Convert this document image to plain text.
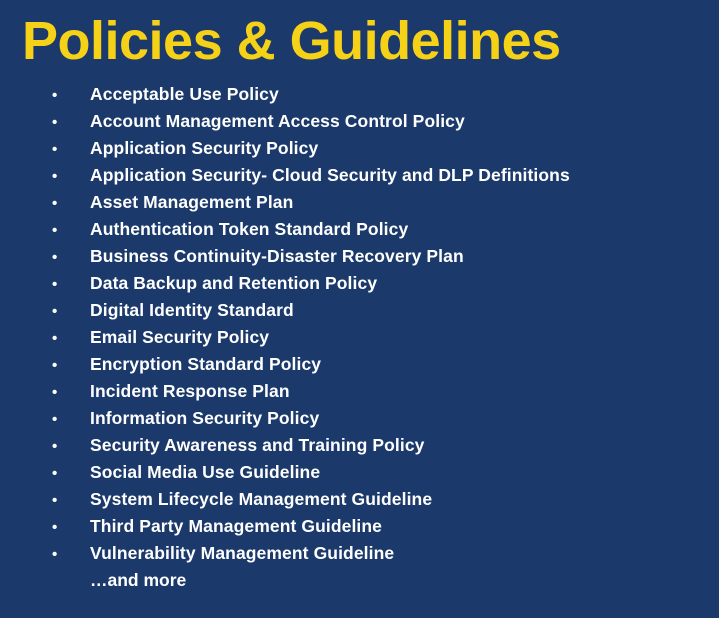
Policies & Guidelines
•	Acceptable Use Policy
•	Account Management Access Control Policy
•	Application Security Policy
•	Application Security- Cloud Security and DLP Definitions
•	Asset Management Plan
•	Authentication Token Standard Policy
•	Business Continuity-Disaster Recovery Plan
•	Data Backup and Retention Policy
•	Digital Identity Standard
•	Email Security Policy
•	Encryption Standard Policy
•	Incident Response Plan
•	Information Security Policy
•	Security Awareness and Training Policy
•	Social Media Use Guideline
•	System Lifecycle Management Guideline
•	Third Party Management Guideline
•	Vulnerability Management Guideline

…and more
